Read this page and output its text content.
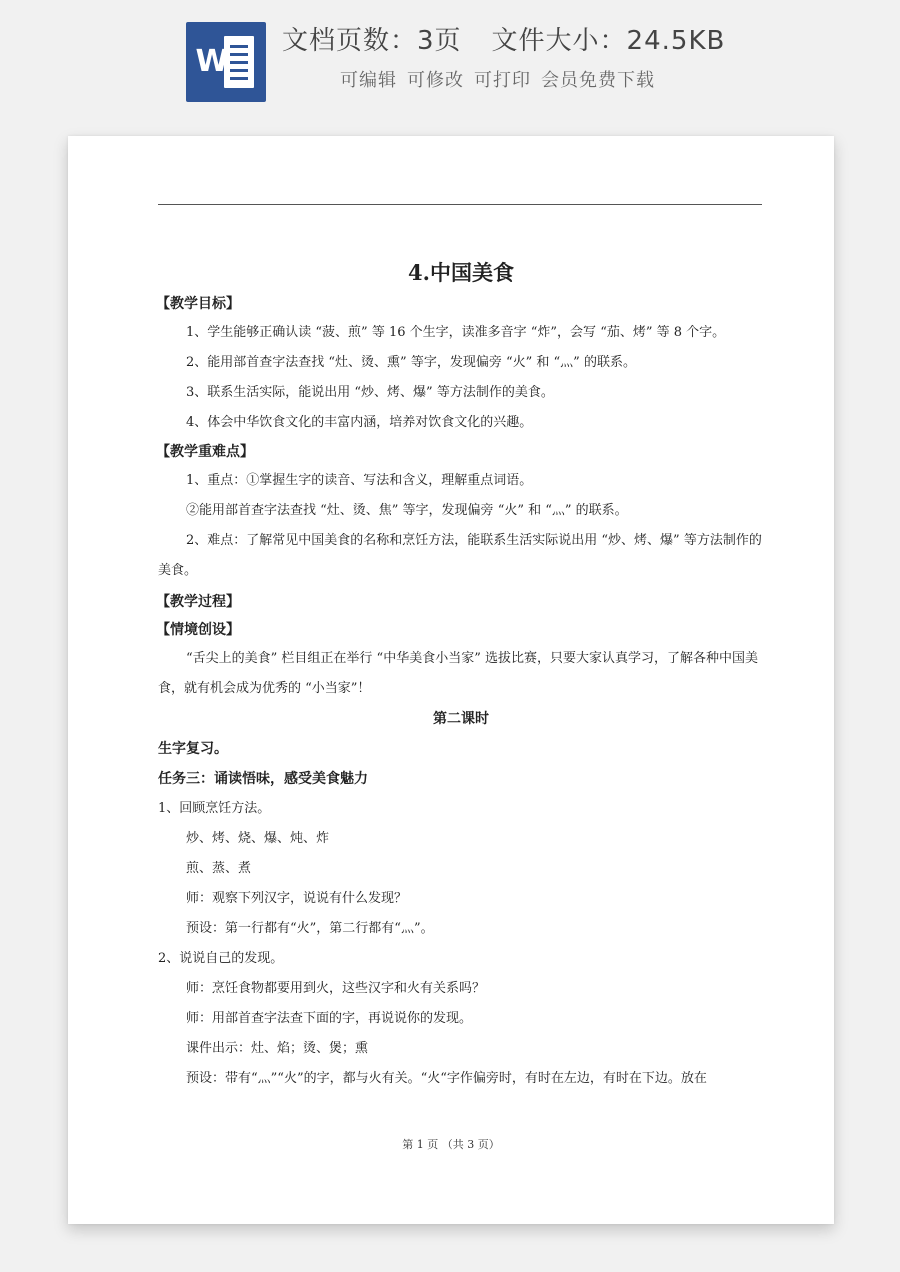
W
文档页数：3页 文件大小：24.5KB
可编辑 可修改 可打印 会员免费下载

4.中国美食

【教学目标】

1、学生能够正确认读 “菠、煎” 等 16 个生字，读准多音字 “炸”，会写 “茄、烤” 等 8 个字。

2、能用部首查字法查找 “灶、烫、熏” 等字，发现偏旁 “火” 和 “灬” 的联系。

3、联系生活实际，能说出用 “炒、烤、爆” 等方法制作的美食。

4、体会中华饮食文化的丰富内涵，培养对饮食文化的兴趣。

【教学重难点】

1、重点：①掌握生字的读音、写法和含义，理解重点词语。

②能用部首查字法查找 “灶、烫、焦” 等字，发现偏旁 “火” 和 “灬” 的联系。

2、难点：了解常见中国美食的名称和烹饪方法，能联系生活实际说出用 “炒、烤、爆” 等方法制作的美食。

【教学过程】

【情境创设】

“舌尖上的美食” 栏目组正在举行 “中华美食小当家” 选拔比赛，只要大家认真学习，了解各种中国美食，就有机会成为优秀的 “小当家”！

第二课时

生字复习。

任务三：诵读悟味，感受美食魅力

1、回顾烹饪方法。

炒、烤、烧、爆、炖、炸

煎、蒸、煮

师：观察下列汉字，说说有什么发现？

预设：第一行都有“火”，第二行都有“灬”。

2、说说自己的发现。

师：烹饪食物都要用到火，这些汉字和火有关系吗？

师：用部首查字法查下面的字，再说说你的发现。

课件出示：灶、焰；烫、煲；熏

预设：带有“灬”“火”的字，都与火有关。“火“字作偏旁时，有时在左边，有时在下边。放在

第 1 页 （共 3 页）
